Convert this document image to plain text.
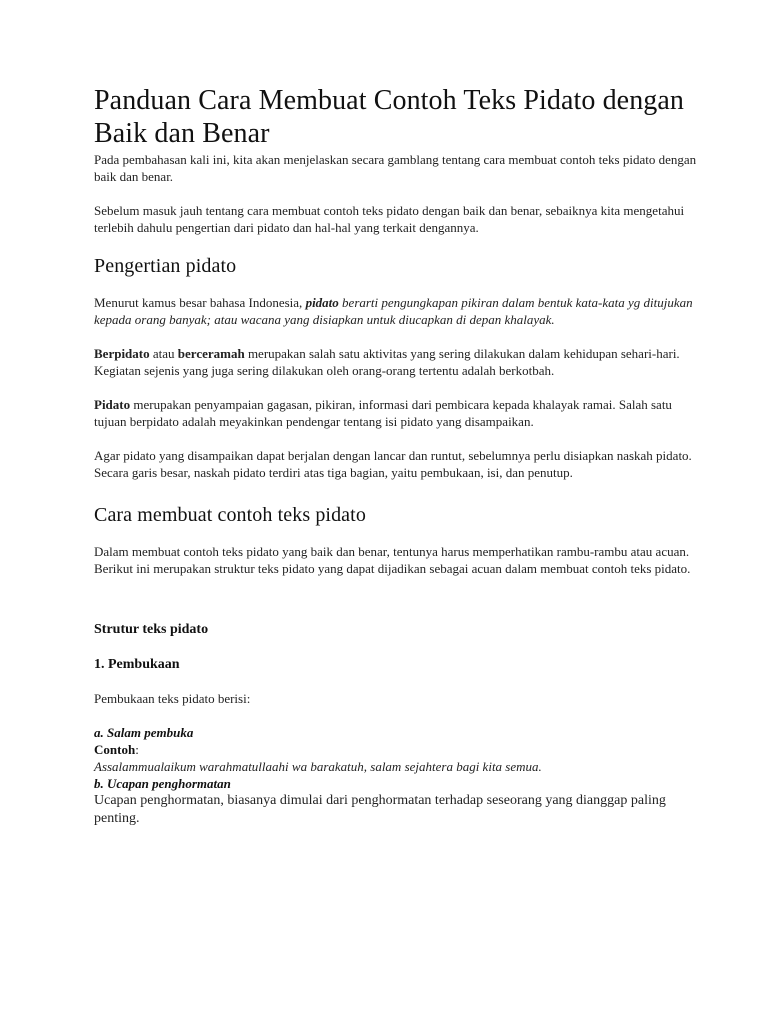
Panduan Cara Membuat Contoh Teks Pidato dengan Baik dan Benar

Pada pembahasan kali ini, kita akan menjelaskan secara gamblang tentang cara membuat contoh teks pidato dengan baik dan benar.

Sebelum masuk jauh tentang cara membuat contoh teks pidato dengan baik dan benar, sebaiknya kita mengetahui terlebih dahulu pengertian dari pidato dan hal-hal yang terkait dengannya.

Pengertian pidato

Menurut kamus besar bahasa Indonesia, pidato berarti pengungkapan pikiran dalam bentuk kata-kata yg ditujukan kepada orang banyak; atau wacana yang disiapkan untuk diucapkan di depan khalayak.

Berpidato atau berceramah merupakan salah satu aktivitas yang sering dilakukan dalam kehidupan sehari-hari. Kegiatan sejenis yang juga sering dilakukan oleh orang-orang tertentu adalah berkotbah.

Pidato merupakan penyampaian gagasan, pikiran, informasi dari pembicara kepada khalayak ramai. Salah satu tujuan berpidato adalah meyakinkan pendengar tentang isi pidato yang disampaikan.

Agar pidato yang disampaikan dapat berjalan dengan lancar dan runtut, sebelumnya perlu disiapkan naskah pidato. Secara garis besar, naskah pidato terdiri atas tiga bagian, yaitu pembukaan, isi, dan penutup.

Cara membuat contoh teks pidato

Dalam membuat contoh teks pidato yang baik dan benar, tentunya harus memperhatikan rambu-rambu atau acuan. Berikut ini merupakan struktur teks pidato yang dapat dijadikan sebagai acuan dalam membuat contoh teks pidato.

Strutur teks pidato

1. Pembukaan

Pembukaan teks pidato berisi:

a. Salam pembuka

Contoh:

Assalammualaikum warahmatullaahi wa barakatuh, salam sejahtera bagi kita semua.

b. Ucapan penghormatan

Ucapan penghormatan, biasanya dimulai dari penghormatan terhadap seseorang yang dianggap paling penting.
